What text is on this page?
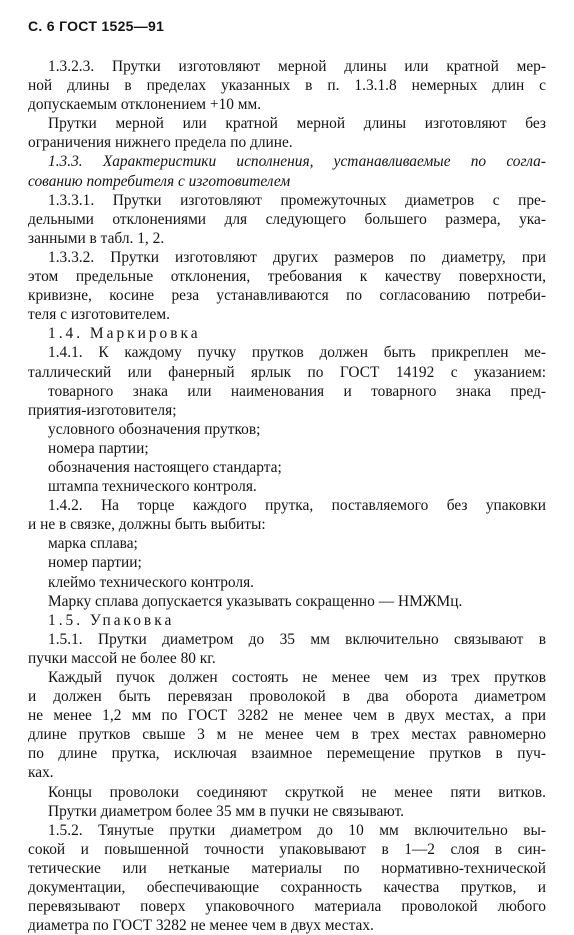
С. 6 ГОСТ 1525—91
1.3.2.3. Прутки изготовляют мерной длины или кратной мер-
ной длины в пределах указанных в п. 1.3.1.8 немерных длин с
допускаемым отклонением +10 мм.
Прутки мерной или кратной мерной длины изготовляют без
ограничения нижнего предела по длине.
1.3.3. Характеристики исполнения, устанавливаемые по согла-
сованию потребителя с изготовителем
1.3.3.1. Прутки изготовляют промежуточных диаметров с пре-
дельными отклонениями для следующего большего размера, ука-
занными в табл. 1, 2.
1.3.3.2. Прутки изготовляют других размеров по диаметру, при
этом предельные отклонения, требования к качеству поверхности,
кривизне, косине реза устанавливаются по согласованию потреби-
теля с изготовителем.
1.4. Маркировка
1.4.1. К каждому пучку прутков должен быть прикреплен ме-
таллический или фанерный ярлык по ГОСТ 14192 с указанием:
товарного знака или наименования и товарного знака пред-
приятия-изготовителя;
условного обозначения прутков;
номера партии;
обозначения настоящего стандарта;
штампа технического контроля.
1.4.2. На торце каждого прутка, поставляемого без упаковки
и не в связке, должны быть выбиты:
марка сплава;
номер партии;
клеймо технического контроля.
Марку сплава допускается указывать сокращенно — НМЖМц.
1.5. Упаковка
1.5.1. Прутки диаметром до 35 мм включительно связывают в
пучки массой не более 80 кг.
Каждый пучок должен состоять не менее чем из трех прутков
и должен быть перевязан проволокой в два оборота диаметром
не менее 1,2 мм по ГОСТ 3282 не менее чем в двух местах, а при
длине прутков свыше 3 м не менее чем в трех местах равномерно
по длине прутка, исключая взаимное перемещение прутков в пуч-
ках.
Концы проволоки соединяют скруткой не менее пяти витков.
Прутки диаметром более 35 мм в пучки не связывают.
1.5.2. Тянутые прутки диаметром до 10 мм включительно вы-
сокой и повышенной точности упаковывают в 1—2 слоя в син-
тетические или нетканые материалы по нормативно-технической
документации, обеспечивающие сохранность качества прутков, и
перевязывают поверх упаковочного материала проволокой любого
диаметра по ГОСТ 3282 не менее чем в двух местах.
